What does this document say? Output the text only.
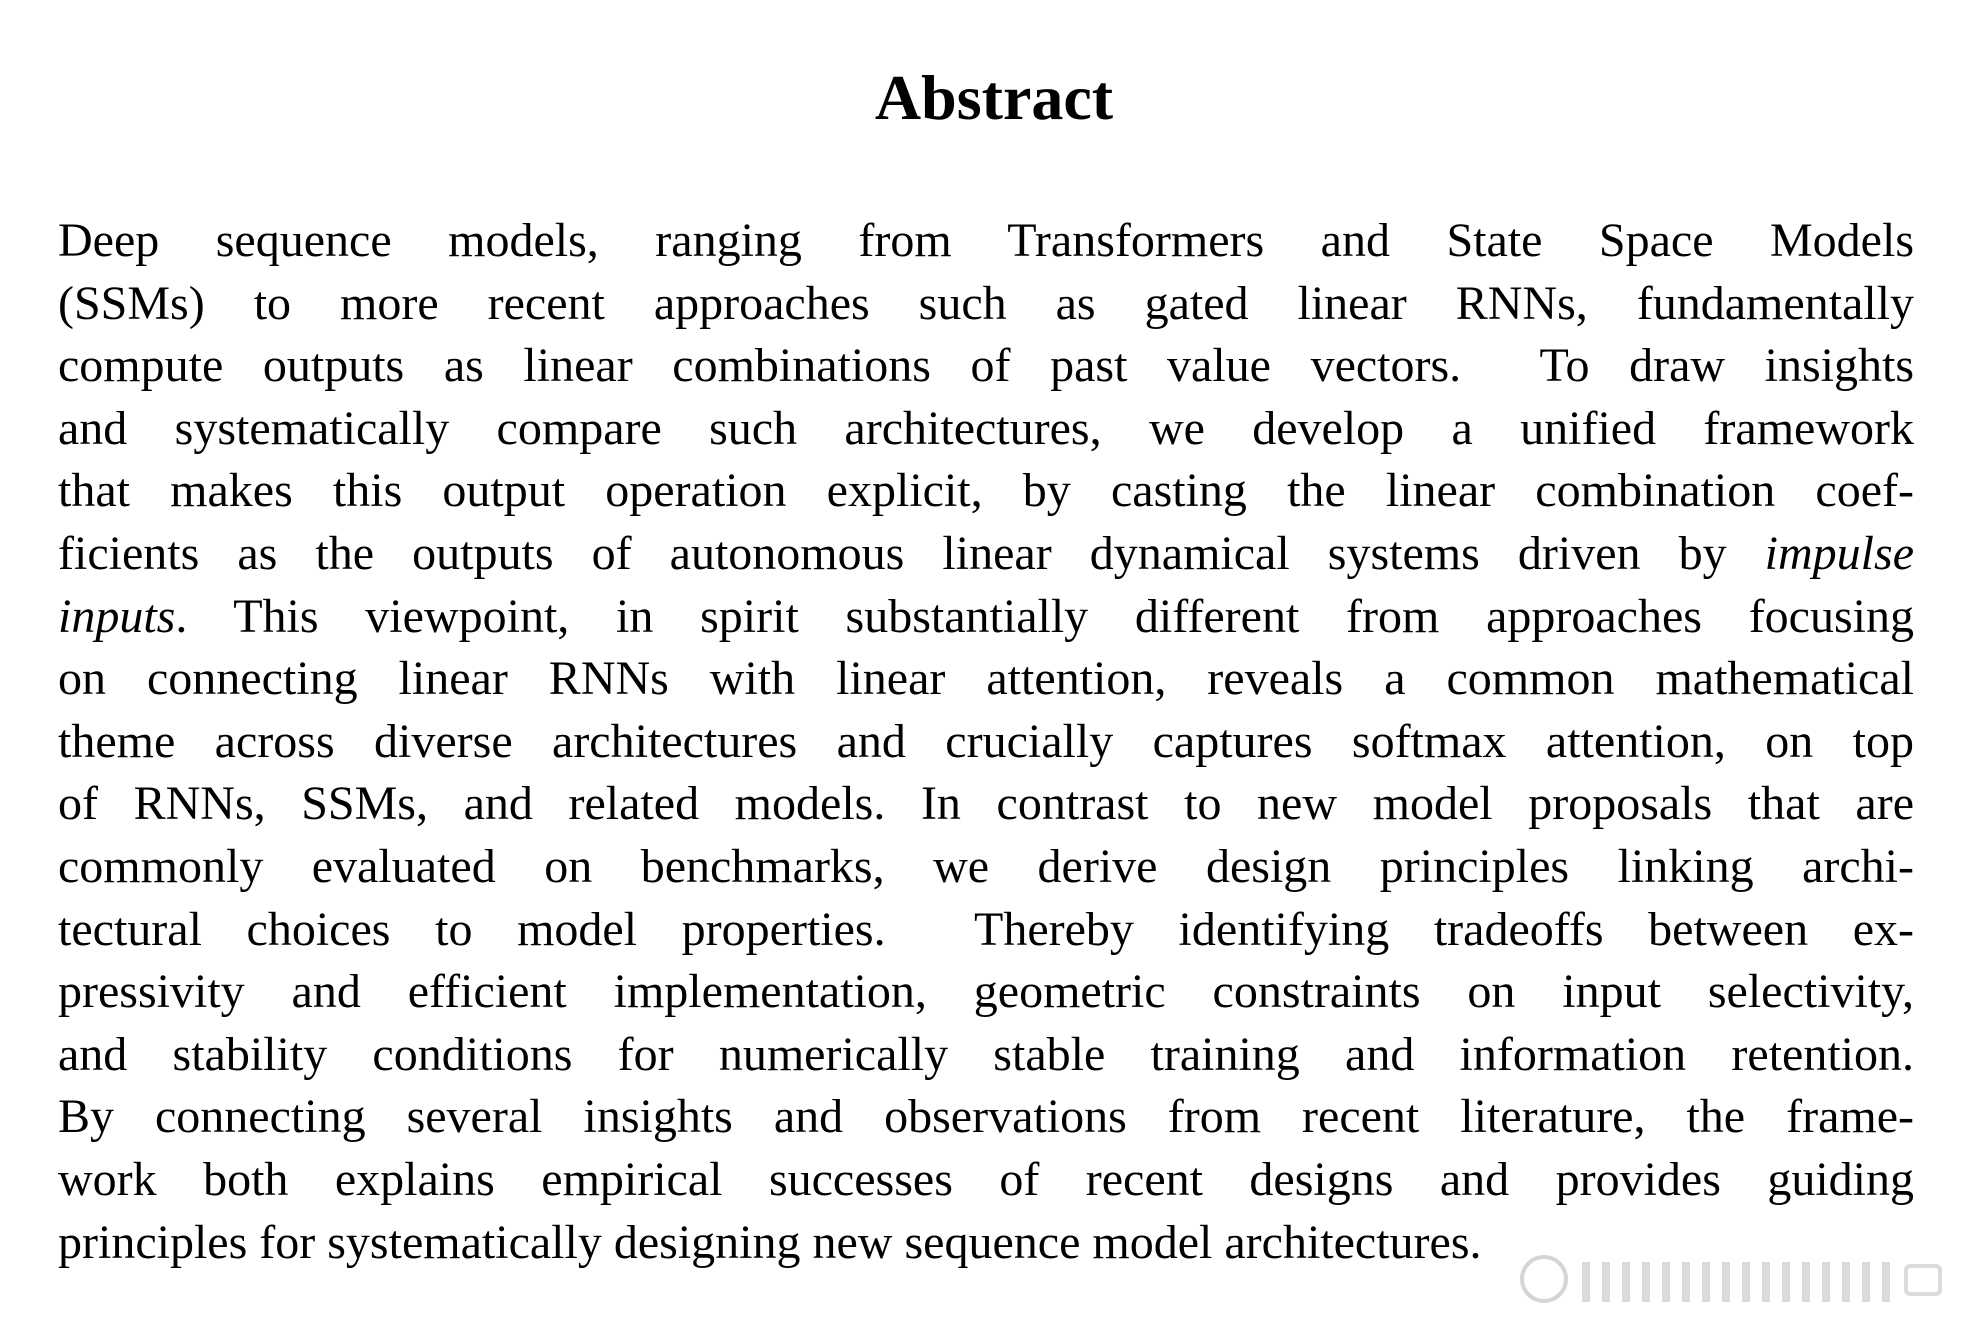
Abstract
Deep sequence models, ranging from Transformers and State Space Models
(SSMs) to more recent approaches such as gated linear RNNs, fundamentally
compute outputs as linear combinations of past value vectors.  To draw insights
and systematically compare such architectures, we develop a unified framework
that makes this output operation explicit, by casting the linear combination coef-
ficients as the outputs of autonomous linear dynamical systems driven by impulse
inputs. This viewpoint, in spirit substantially different from approaches focusing
on connecting linear RNNs with linear attention, reveals a common mathematical
theme across diverse architectures and crucially captures softmax attention, on top
of RNNs, SSMs, and related models. In contrast to new model proposals that are
commonly evaluated on benchmarks, we derive design principles linking archi-
tectural choices to model properties.  Thereby identifying tradeoffs between ex-
pressivity and efficient implementation, geometric constraints on input selectivity,
and stability conditions for numerically stable training and information retention.
By connecting several insights and observations from recent literature, the frame-
work both explains empirical successes of recent designs and provides guiding
principles for systematically designing new sequence model architectures.
